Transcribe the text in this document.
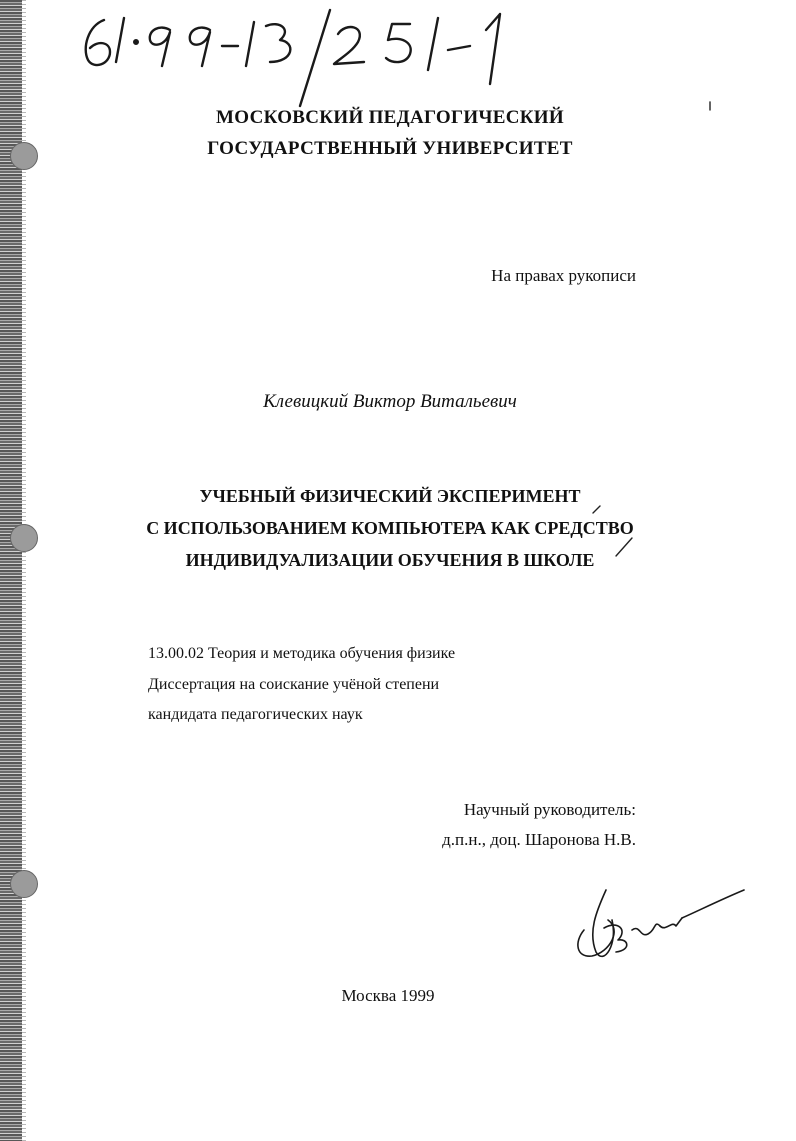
МОСКОВСКИЙ ПЕДАГОГИЧЕСКИЙ
ГОСУДАРСТВЕННЫЙ УНИВЕРСИТЕТ
На правах рукописи
Клевицкий Виктор Витальевич
УЧЕБНЫЙ ФИЗИЧЕСКИЙ ЭКСПЕРИМЕНТ
С ИСПОЛЬЗОВАНИЕМ КОМПЬЮТЕРА КАК СРЕДСТВО
ИНДИВИДУАЛИЗАЦИИ ОБУЧЕНИЯ В ШКОЛЕ
13.00.02 Теория и методика обучения физике
Диссертация на соискание учёной степени
кандидата педагогических наук
Научный руководитель:
д.п.н., доц. Шаронова Н.В.
Москва 1999
